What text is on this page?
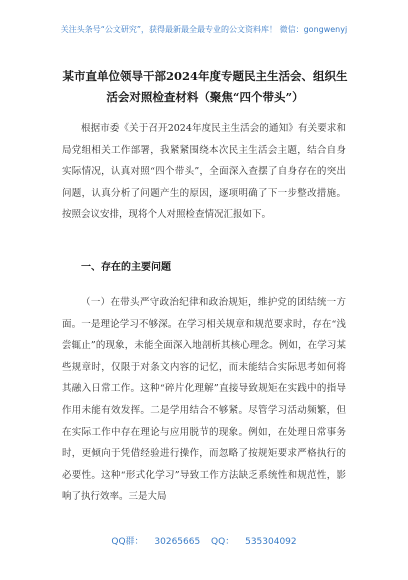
关注头条号“公文研究”，获得最新最全最专业的公文资料库！ 微信：gongwenyj
某市直单位领导干部2024年度专题民主生活会、组织生活会对照检查材料（聚焦“四个带头”）
根据市委《关于召开2024年度民主生活会的通知》有关要求和局党组相关工作部署，我紧紧围绕本次民主生活会主题，结合自身实际情况，认真对照“四个带头”，全面深入查摆了自身存在的突出问题，认真分析了问题产生的原因，逐项明确了下一步整改措施。按照会议安排，现将个人对照检查情况汇报如下。
一、存在的主要问题
（一）在带头严守政治纪律和政治规矩，维护党的团结统一方面。一是理论学习不够深。在学习相关规章和规范要求时，存在“浅尝辄止”的现象，未能全面深入地剖析其核心理念。例如，在学习某些规章时，仅限于对条文内容的记忆，而未能结合实际思考如何将其融入日常工作。这种“碎片化理解”直接导致规矩在实践中的指导作用未能有效发挥。二是学用结合不够紧。尽管学习活动频繁，但在实际工作中存在理论与应用脱节的现象。例如，在处理日常事务时，更倾向于凭借经验进行操作，而忽略了按规矩要求严格执行的必要性。这种“形式化学习”导致工作方法缺乏系统性和规范性，影响了执行效率。三是大局
QQ群： 30265665 QQ： 535304092
